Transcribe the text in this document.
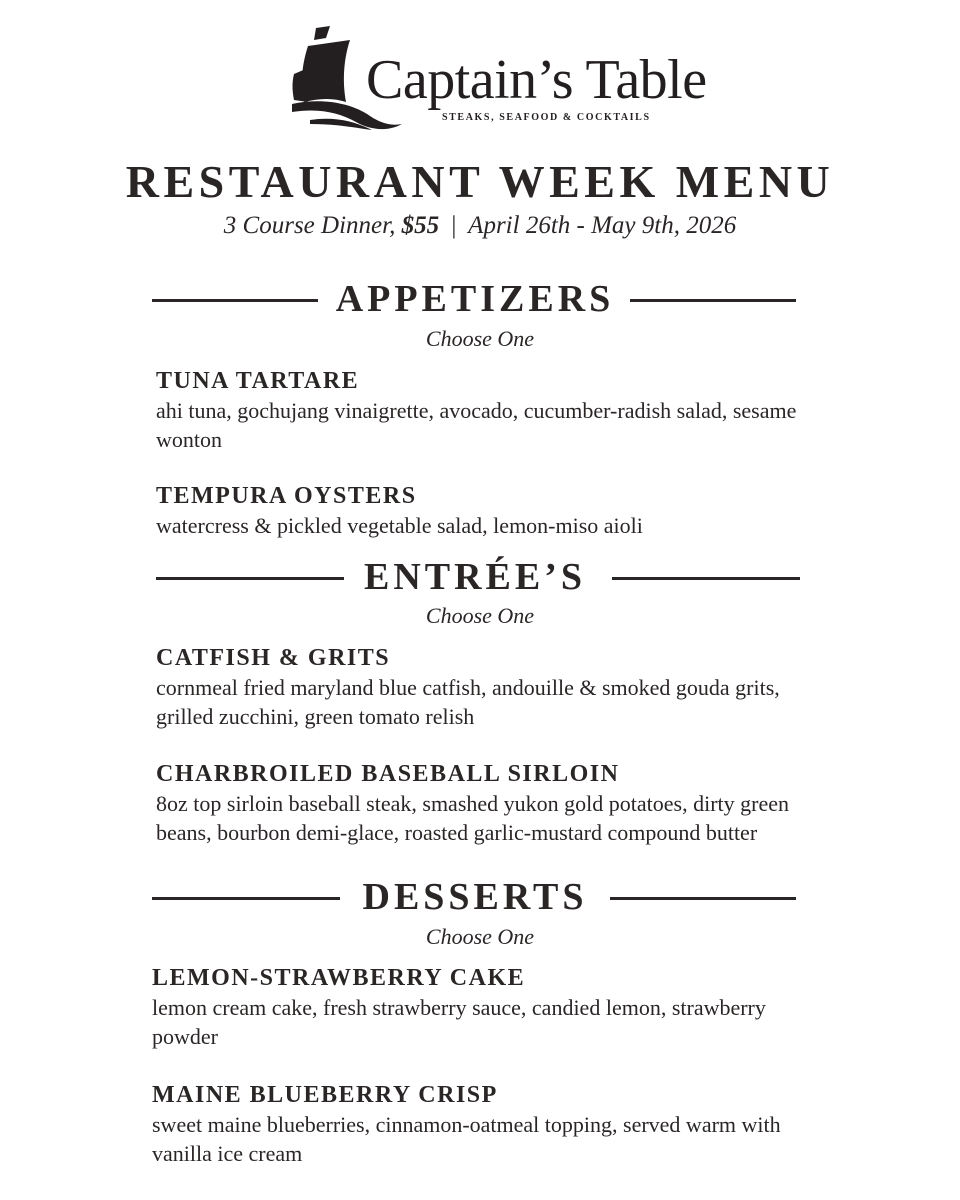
Captain’s Table
STEAKS, SEAFOOD & COCKTAILS
RESTAURANT WEEK MENU
3 Course Dinner, $55 | April 26th - May 9th, 2026
APPETIZERS
Choose One
TUNA TARTARE
ahi tuna, gochujang vinaigrette, avocado, cucumber-radish salad, sesame wonton
TEMPURA OYSTERS
watercress & pickled vegetable salad, lemon-miso aioli
ENTRÉE’S
Choose One
CATFISH & GRITS
cornmeal fried maryland blue catfish, andouille & smoked gouda grits, grilled zucchini, green tomato relish
CHARBROILED BASEBALL SIRLOIN
8oz top sirloin baseball steak, smashed yukon gold potatoes, dirty green beans, bourbon demi-glace, roasted garlic-mustard compound butter
DESSERTS
Choose One
LEMON-STRAWBERRY CAKE
lemon cream cake, fresh strawberry sauce, candied lemon, strawberry powder
MAINE BLUEBERRY CRISP
sweet maine blueberries, cinnamon-oatmeal topping, served warm with vanilla ice cream
